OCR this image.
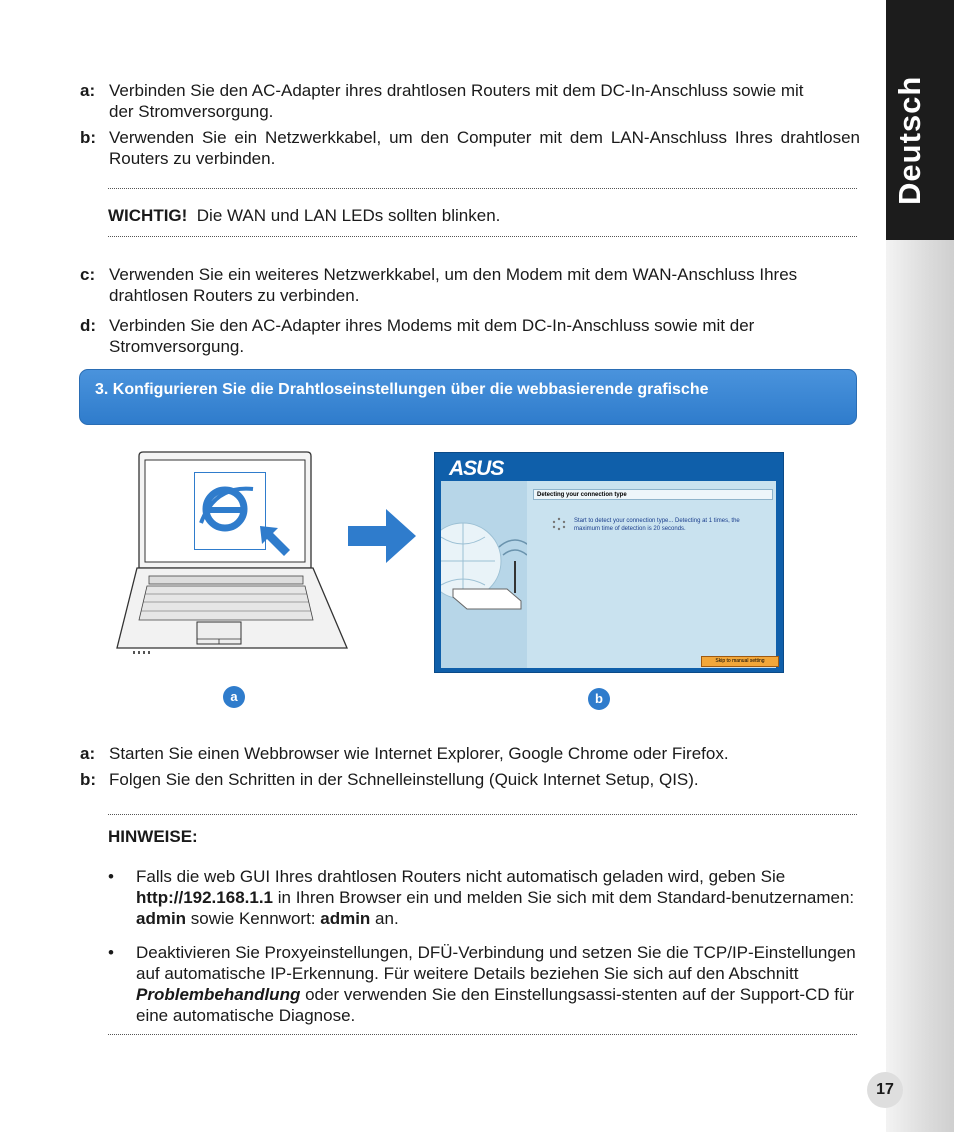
Deutsch
17
a: Verbinden Sie den AC-Adapter ihres drahtlosen Routers mit dem DC-In-Anschluss sowie mit der Stromversorgung.
b: Verwenden Sie ein Netzwerkkabel, um den Computer mit dem LAN-Anschluss Ihres drahtlosen Routers zu verbinden.
WICHTIG! Die WAN und LAN LEDs sollten blinken.
c: Verwenden Sie ein weiteres Netzwerkkabel, um den Modem mit dem WAN-Anschluss Ihres drahtlosen Routers zu verbinden.
d: Verbinden Sie den AC-Adapter ihres Modems mit dem DC-In-Anschluss sowie mit der Stromversorgung.
3. Konfigurieren Sie die Drahtloseinstellungen über die webbasierende grafische
ASUS
Detecting your connection type
Start to detect your connection type... Detecting at 1 times, the maximum time of detection is 20 seconds.
Skip to manual setting
a	b
a: Starten Sie einen Webbrowser wie Internet Explorer, Google Chrome oder Firefox.
b: Folgen Sie den Schritten in der Schnelleinstellung (Quick Internet Setup, QIS).
HINWEISE:
• Falls die web GUI Ihres drahtlosen Routers nicht automatisch geladen wird, geben Sie http://192.168.1.1 in Ihren Browser ein und melden Sie sich mit dem Standard-benutzernamen: admin sowie Kennwort: admin an.
• Deaktivieren Sie Proxyeinstellungen, DFÜ-Verbindung und setzen Sie die TCP/IP-Einstellungen auf automatische IP-Erkennung. Für weitere Details beziehen Sie sich auf den Abschnitt Problembehandlung oder verwenden Sie den Einstellungsassi-stenten auf der Support-CD für eine automatische Diagnose.
